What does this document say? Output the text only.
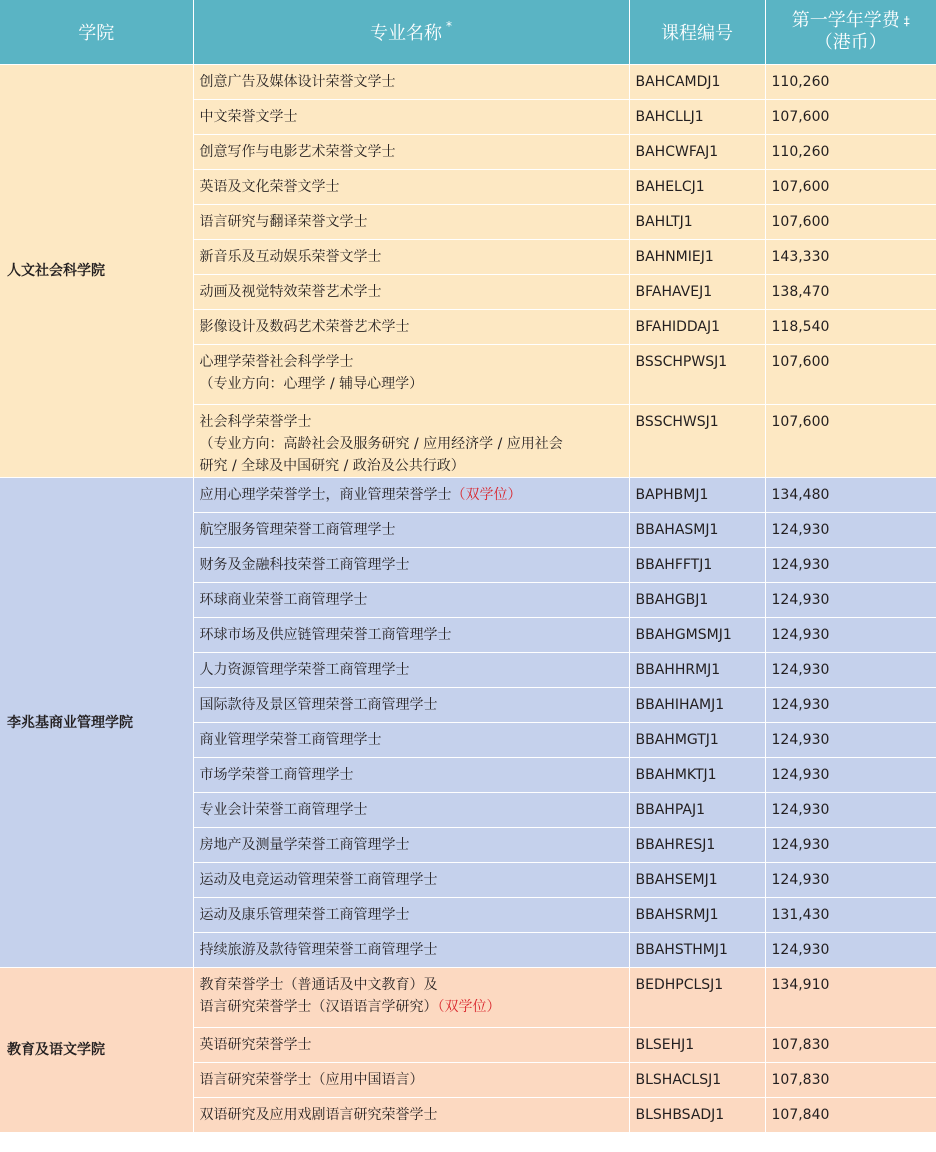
学院	专业名称 *	课程编号	第一学年学费 ‡
（港币）

人文社会科学院	创意广告及媒体设计荣誉文学士	BAHCAMDJ1	110,260

	中文荣誉文学士	BAHCLLJ1	107,600

	创意写作与电影艺术荣誉文学士	BAHCWFAJ1	110,260

	英语及文化荣誉文学士	BAHELCJ1	107,600

	语言研究与翻译荣誉文学士	BAHLTJ1	107,600

	新音乐及互动娱乐荣誉文学士	BAHNMIEJ1	143,330

	动画及视觉特效荣誉艺术学士	BFAHAVEJ1	138,470

	影像设计及数码艺术荣誉艺术学士	BFAHIDDAJ1	118,540

	心理学荣誉社会科学学士
（专业方向：心理学 / 辅导心理学）	BSSCHPWSJ1	107,600

	社会科学荣誉学士
（专业方向：高龄社会及服务研究 / 应用经济学 / 应用社会
研究 / 全球及中国研究 / 政治及公共行政）	BSSCHWSJ1	107,600
李兆基商业管理学院	应用心理学荣誉学士，商业管理荣誉学士（双学位）	BAPHBMJ1	134,480

	航空服务管理荣誉工商管理学士	BBAHASMJ1	124,930

	财务及金融科技荣誉工商管理学士	BBAHFFTJ1	124,930

	环球商业荣誉工商管理学士	BBAHGBJ1	124,930

	环球市场及供应链管理荣誉工商管理学士	BBAHGMSMJ1	124,930

	人力资源管理学荣誉工商管理学士	BBAHHRMJ1	124,930

	国际款待及景区管理荣誉工商管理学士	BBAHIHAMJ1	124,930

	商业管理学荣誉工商管理学士	BBAHMGTJ1	124,930

	市场学荣誉工商管理学士	BBAHMKTJ1	124,930

	专业会计荣誉工商管理学士	BBAHPAJ1	124,930

	房地产及测量学荣誉工商管理学士	BBAHRESJ1	124,930

	运动及电竞运动管理荣誉工商管理学士	BBAHSEMJ1	124,930

	运动及康乐管理荣誉工商管理学士	BBAHSRMJ1	131,430

	持续旅游及款待管理荣誉工商管理学士	BBAHSTHMJ1	124,930
教育及语文学院	教育荣誉学士（普通话及中文教育）及
语言研究荣誉学士（汉语语言学研究）（双学位）	BEDHPCLSJ1	134,910

	英语研究荣誉学士	BLSEHJ1	107,830

	语言研究荣誉学士（应用中国语言）	BLSHACLSJ1	107,830

	双语研究及应用戏剧语言研究荣誉学士	BLSHBSADJ1	107,840
